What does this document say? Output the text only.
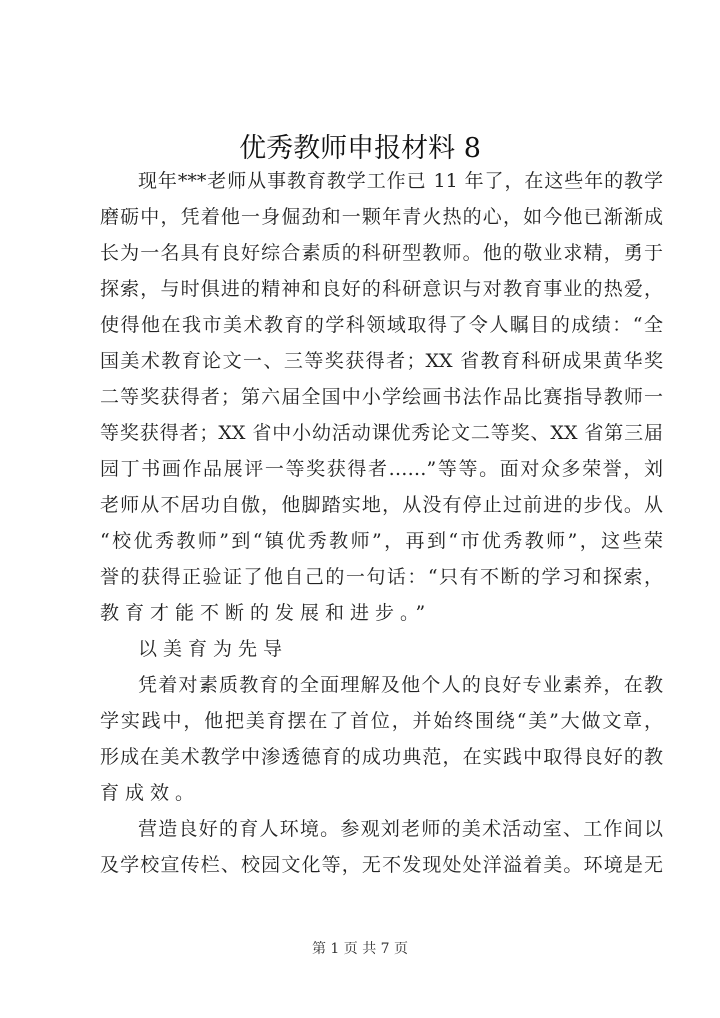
优秀教师申报材料 8
现年***老师从事教育教学工作已 11 年了，在这些年的教学
磨砺中，凭着他一身倔劲和一颗年青火热的心，如今他已渐渐成
长为一名具有良好综合素质的科研型教师。他的敬业求精，勇于
探索，与时俱进的精神和良好的科研意识与对教育事业的热爱，
使得他在我市美术教育的学科领域取得了令人瞩目的成绩：“全
国美术教育论文一、三等奖获得者；XX 省教育科研成果黄华奖
二等奖获得者；第六届全国中小学绘画书法作品比赛指导教师一
等奖获得者；XX 省中小幼活动课优秀论文二等奖、XX 省第三届
园丁书画作品展评一等奖获得者……”等等。面对众多荣誉，刘
老师从不居功自傲，他脚踏实地，从没有停止过前进的步伐。从
“校优秀教师”到“镇优秀教师”，再到“市优秀教师”，这些荣
誉的获得正验证了他自己的一句话：“只有不断的学习和探索，
教育才能不断的发展和进步。”
以美育为先导
凭着对素质教育的全面理解及他个人的良好专业素养，在教
学实践中，他把美育摆在了首位，并始终围绕“美”大做文章，
形成在美术教学中渗透德育的成功典范，在实践中取得良好的教
育成效。
营造良好的育人环境。参观刘老师的美术活动室、工作间以
及学校宣传栏、校园文化等，无不发现处处洋溢着美。环境是无
第 1 页 共 7 页
